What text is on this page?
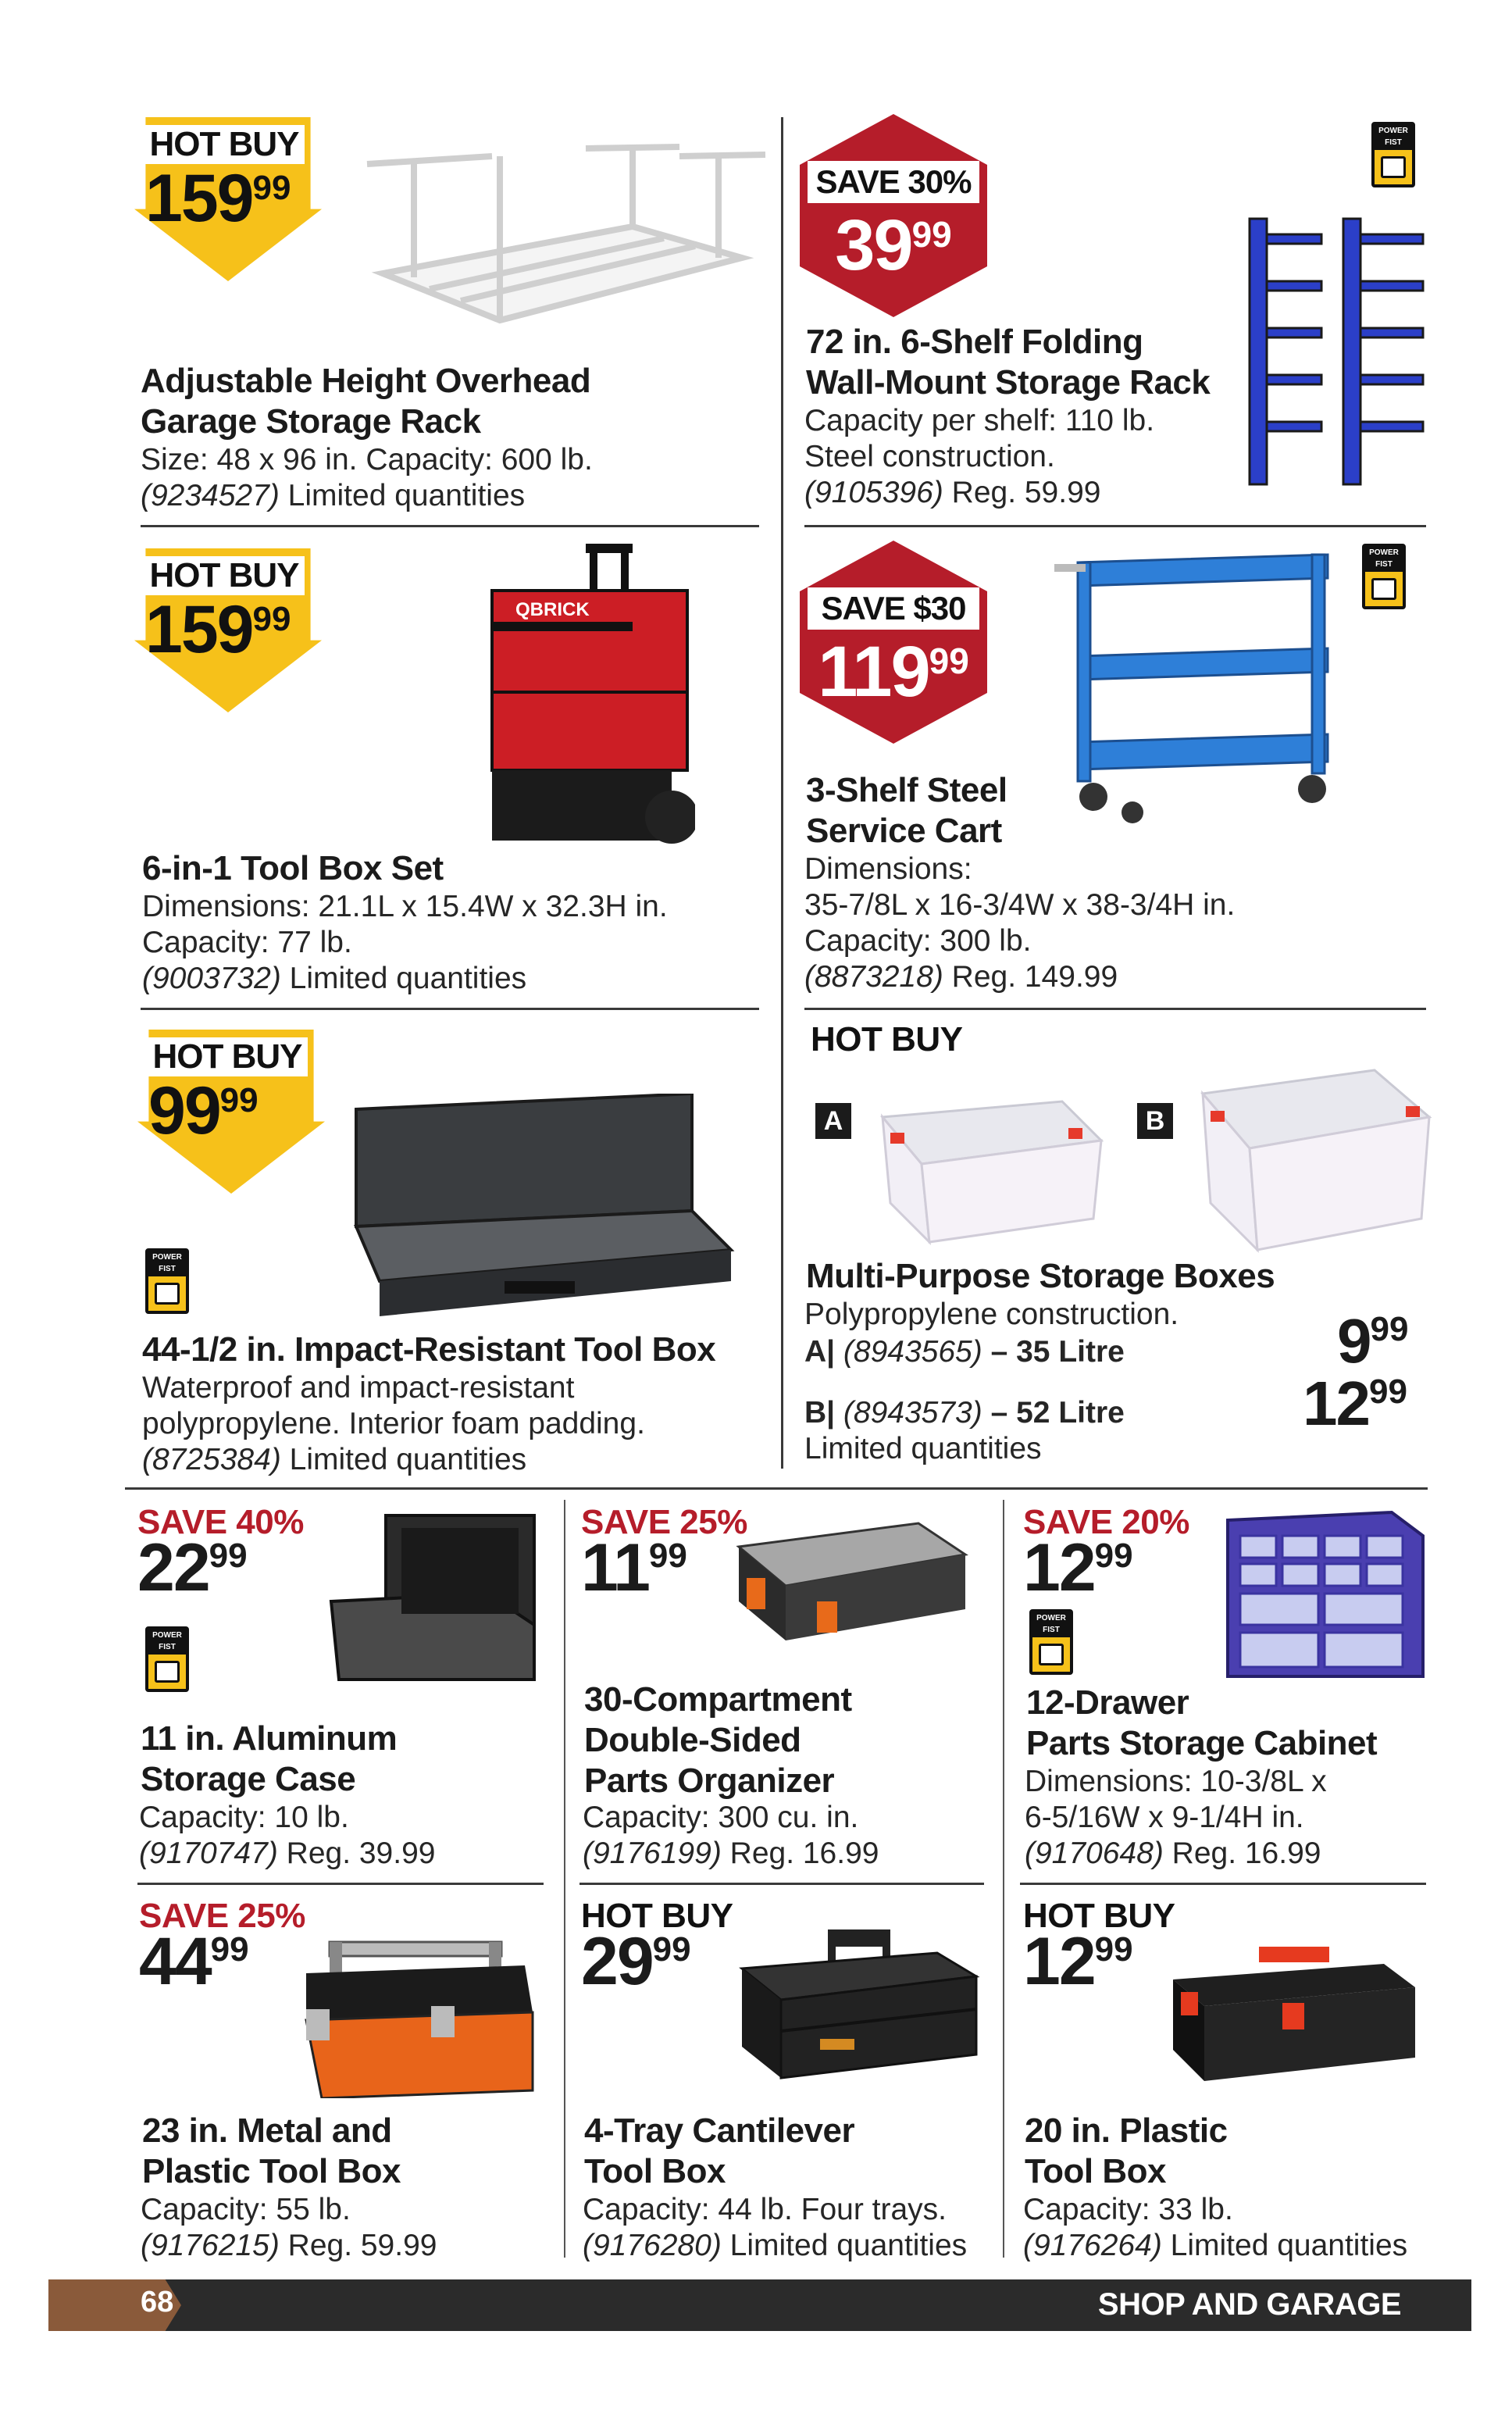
HOT BUY
$159^{99}$
Adjustable Height Overhead
Garage Storage Rack
Size: 48 x 96 in. Capacity: 600 lb.
(9234527) Limited quantities
SAVE 30%
$39^{99}$
POWER FIST
72 in. 6-Shelf Folding
Wall-Mount Storage Rack
Capacity per shelf: 110 lb.
Steel construction.
(9105396) Reg. 59.99
HOT BUY
$159^{99}$	QBRICK
6-in-1 Tool Box Set
Dimensions: 21.1L x 15.4W x 32.3H in.
Capacity: 77 lb.
(9003732) Limited quantities
SAVE $30
$119^{99}$
POWER FIST
3-Shelf Steel
Service Cart
Dimensions:
35-7/8L x 16-3/4W x 38-3/4H in.
Capacity: 300 lb.
(8873218) Reg. 149.99
HOT BUY
$99^{99}$
POWER FIST
44-1/2 in. Impact-Resistant Tool Box
Waterproof and impact-resistant
polypropylene. Interior foam padding.
(8725384) Limited quantities
HOT BUY
A	B
Multi-Purpose Storage Boxes
Polypropylene construction.
A| (8943565) – 35 Litre
B| (8943573) – 52 Litre
Limited quantities
$9^{99}$
$12^{99}$
SAVE 40%
$22^{99}$
POWER FIST
11 in. Aluminum
Storage Case
Capacity: 10 lb.
(9170747) Reg. 39.99
SAVE 25%
$11^{99}$
30-Compartment
Double-Sided
Parts Organizer
Capacity: 300 cu. in.
(9176199) Reg. 16.99
SAVE 20%
$12^{99}$
POWER FIST
12-Drawer
Parts Storage Cabinet
Dimensions: 10-3/8L x
6-5/16W x 9-1/4H in.
(9170648) Reg. 16.99
SAVE 25%
$44^{99}$
23 in. Metal and
Plastic Tool Box
Capacity: 55 lb.
(9176215) Reg. 59.99
HOT BUY
$29^{99}$
4-Tray Cantilever
Tool Box
Capacity: 44 lb. Four trays.
(9176280) Limited quantities
HOT BUY
$12^{99}$
20 in. Plastic
Tool Box
Capacity: 33 lb.
(9176264) Limited quantities
68	SHOP AND GARAGE
